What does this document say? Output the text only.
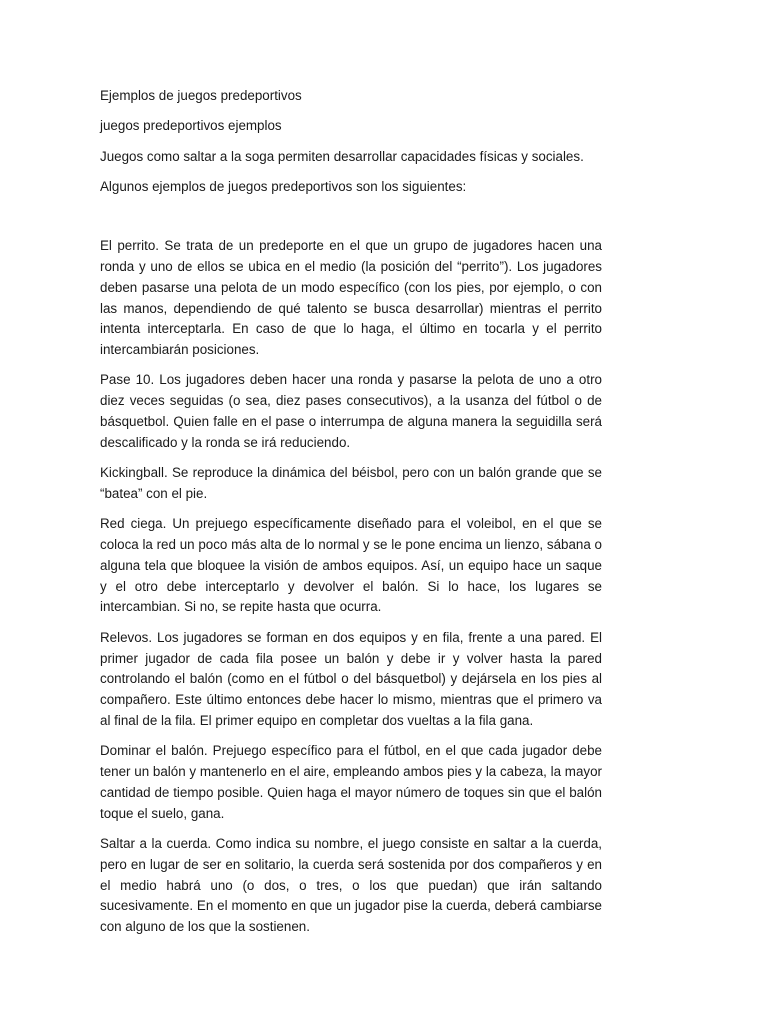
Ejemplos de juegos predeportivos

juegos predeportivos ejemplos

Juegos como saltar a la soga permiten desarrollar capacidades físicas y sociales.

Algunos ejemplos de juegos predeportivos son los siguientes:

El perrito. Se trata de un predeporte en el que un grupo de jugadores hacen una ronda y uno de ellos se ubica en el medio (la posición del “perrito”). Los jugadores deben pasarse una pelota de un modo específico (con los pies, por ejemplo, o con las manos, dependiendo de qué talento se busca desarrollar) mientras el perrito intenta interceptarla. En caso de que lo haga, el último en tocarla y el perrito intercambiarán posiciones.

Pase 10. Los jugadores deben hacer una ronda y pasarse la pelota de uno a otro diez veces seguidas (o sea, diez pases consecutivos), a la usanza del fútbol o de básquetbol. Quien falle en el pase o interrumpa de alguna manera la seguidilla será descalificado y la ronda se irá reduciendo.

Kickingball. Se reproduce la dinámica del béisbol, pero con un balón grande que se “batea” con el pie.

Red ciega. Un prejuego específicamente diseñado para el voleibol, en el que se coloca la red un poco más alta de lo normal y se le pone encima un lienzo, sábana o alguna tela que bloquee la visión de ambos equipos. Así, un equipo hace un saque y el otro debe interceptarlo y devolver el balón. Si lo hace, los lugares se intercambian. Si no, se repite hasta que ocurra.

Relevos. Los jugadores se forman en dos equipos y en fila, frente a una pared. El primer jugador de cada fila posee un balón y debe ir y volver hasta la pared controlando el balón (como en el fútbol o del básquetbol) y dejársela en los pies al compañero. Este último entonces debe hacer lo mismo, mientras que el primero va al final de la fila. El primer equipo en completar dos vueltas a la fila gana.

Dominar el balón. Prejuego específico para el fútbol, en el que cada jugador debe tener un balón y mantenerlo en el aire, empleando ambos pies y la cabeza, la mayor cantidad de tiempo posible. Quien haga el mayor número de toques sin que el balón toque el suelo, gana.

Saltar a la cuerda. Como indica su nombre, el juego consiste en saltar a la cuerda, pero en lugar de ser en solitario, la cuerda será sostenida por dos compañeros y en el medio habrá uno (o dos, o tres, o los que puedan) que irán saltando sucesivamente. En el momento en que un jugador pise la cuerda, deberá cambiarse con alguno de los que la sostienen.
